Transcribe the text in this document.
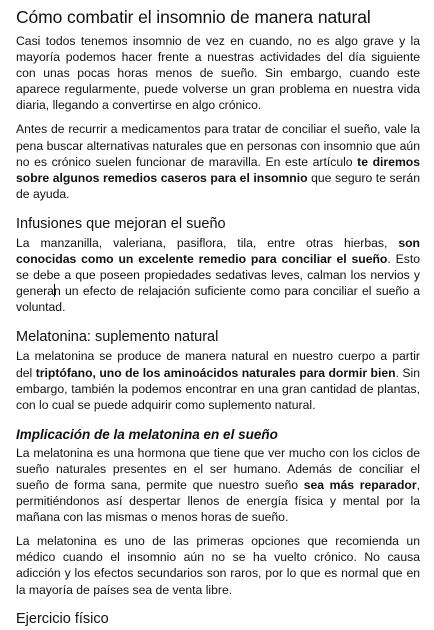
Cómo combatir el insomnio de manera natural

Casi todos tenemos insomnio de vez en cuando, no es algo grave y la mayoría podemos hacer frente a nuestras actividades del día siguiente con unas pocas horas menos de sueño. Sin embargo, cuando este aparece regularmente, puede volverse un gran problema en nuestra vida diaria, llegando a convertirse en algo crónico.

Antes de recurrir a medicamentos para tratar de conciliar el sueño, vale la pena buscar alternativas naturales que en personas con insomnio que aún no es crónico suelen funcionar de maravilla. En este artículo te diremos sobre algunos remedios caseros para el insomnio que seguro te serán de ayuda.

Infusiones que mejoran el sueño

La manzanilla, valeriana, pasiflora, tila, entre otras hierbas, son conocidas como un excelente remedio para conciliar el sueño. Esto se debe a que poseen propiedades sedativas leves, calman los nervios y generan un efecto de relajación suficiente como para conciliar el sueño a voluntad.

Melatonina: suplemento natural

La melatonina se produce de manera natural en nuestro cuerpo a partir del triptófano, uno de los aminoácidos naturales para dormir bien. Sin embargo, también la podemos encontrar en una gran cantidad de plantas, con lo cual se puede adquirir como suplemento natural.

Implicación de la melatonina en el sueño

La melatonina es una hormona que tiene que ver mucho con los ciclos de sueño naturales presentes en el ser humano. Además de conciliar el sueño de forma sana, permite que nuestro sueño sea más reparador, permitiéndonos así despertar llenos de energía física y mental por la mañana con las mismas o menos horas de sueño.

La melatonina es uno de las primeras opciones que recomienda un médico cuando el insomnio aún no se ha vuelto crónico. No causa adicción y los efectos secundarios son raros, por lo que es normal que en la mayoría de países sea de venta libre.

Ejercicio físico
